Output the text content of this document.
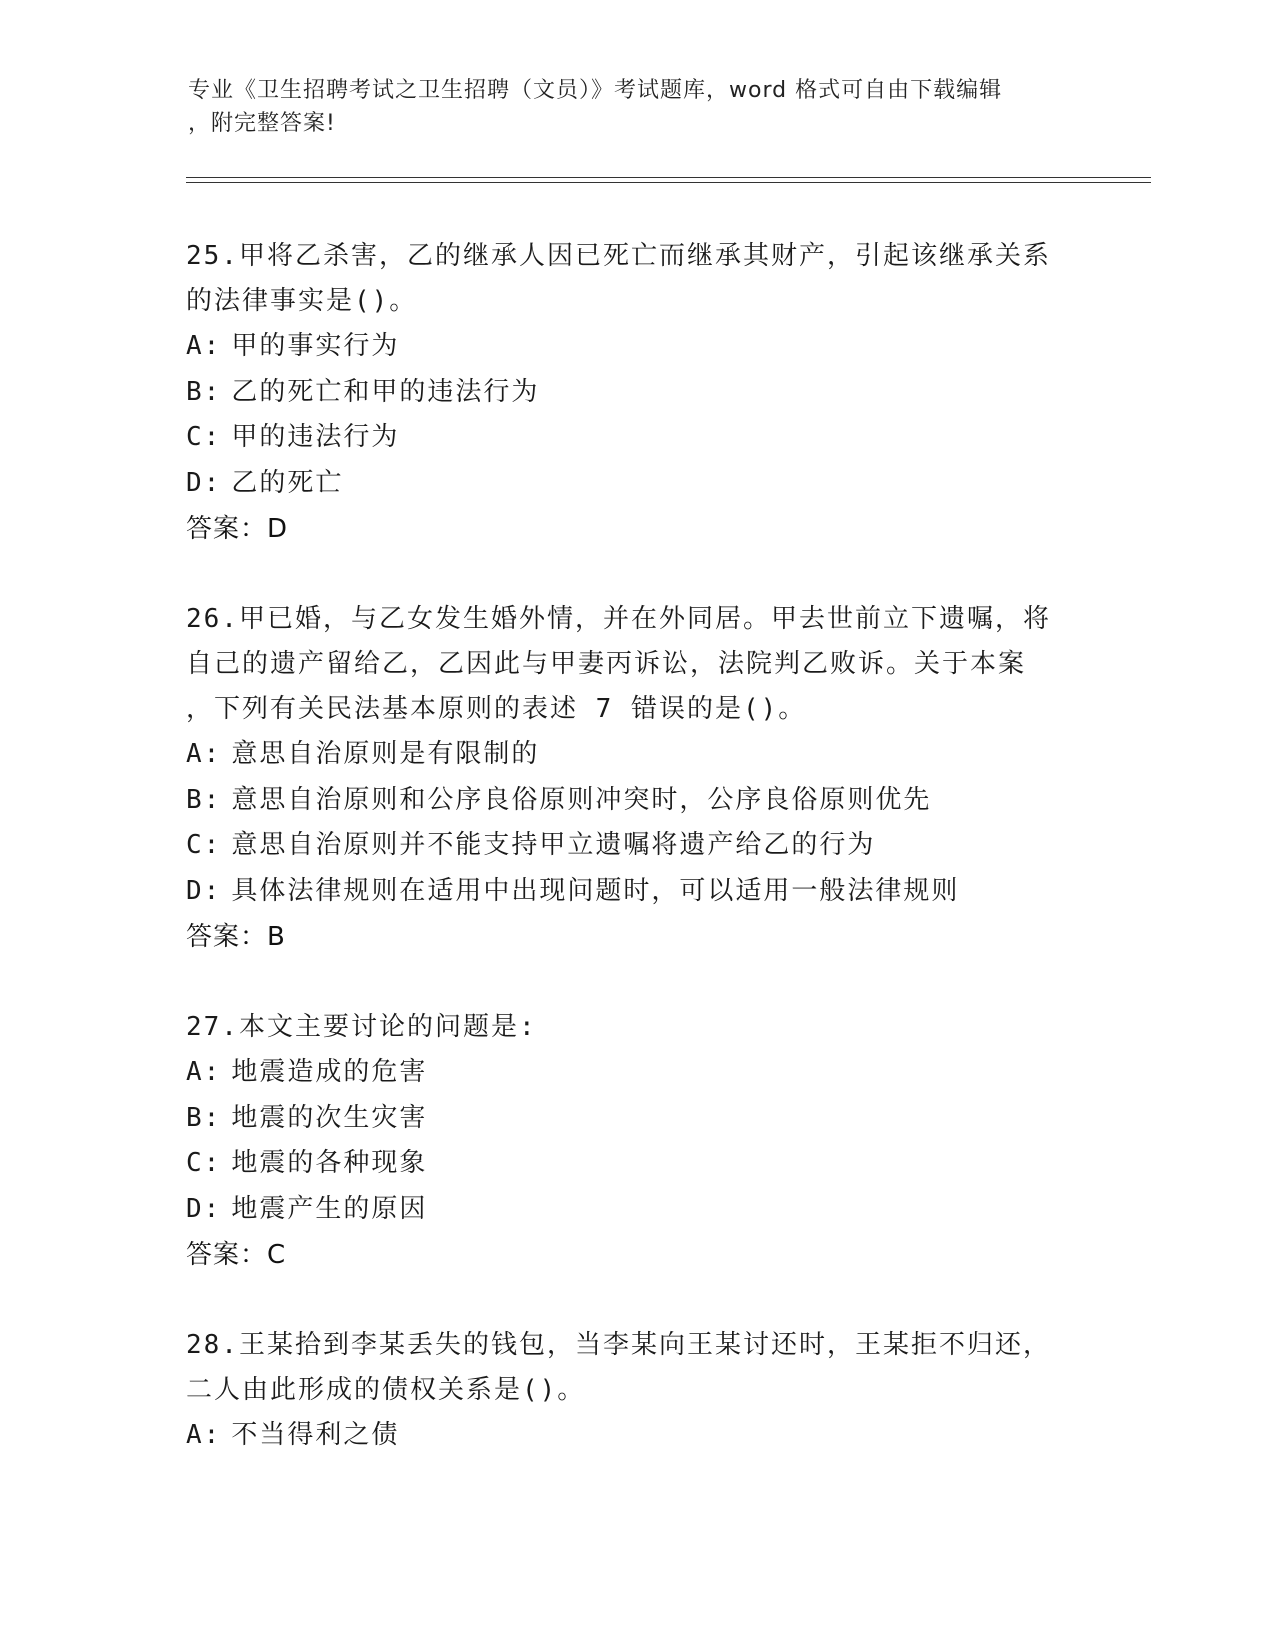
专业《卫生招聘考试之卫生招聘（文员）》考试题库，word 格式可自由下载编辑

，附完整答案!

25.甲将乙杀害，乙的继承人因已死亡而继承其财产，引起该继承关系

的法律事实是()。

A: 甲的事实行为
B: 乙的死亡和甲的违法行为
C: 甲的违法行为
D: 乙的死亡
答案：D

26.甲已婚，与乙女发生婚外情，并在外同居。甲去世前立下遗嘱，将

自己的遗产留给乙，乙因此与甲妻丙诉讼，法院判乙败诉。关于本案

，下列有关民法基本原则的表述 7 错误的是()。

A: 意思自治原则是有限制的
B: 意思自治原则和公序良俗原则冲突时，公序良俗原则优先
C: 意思自治原则并不能支持甲立遗嘱将遗产给乙的行为
D: 具体法律规则在适用中出现问题时，可以适用一般法律规则
答案：B

27.本文主要讨论的问题是:

A: 地震造成的危害
B: 地震的次生灾害
C: 地震的各种现象
D: 地震产生的原因
答案：C

28.王某拾到李某丢失的钱包，当李某向王某讨还时，王某拒不归还，

二人由此形成的债权关系是()。

A: 不当得利之债
